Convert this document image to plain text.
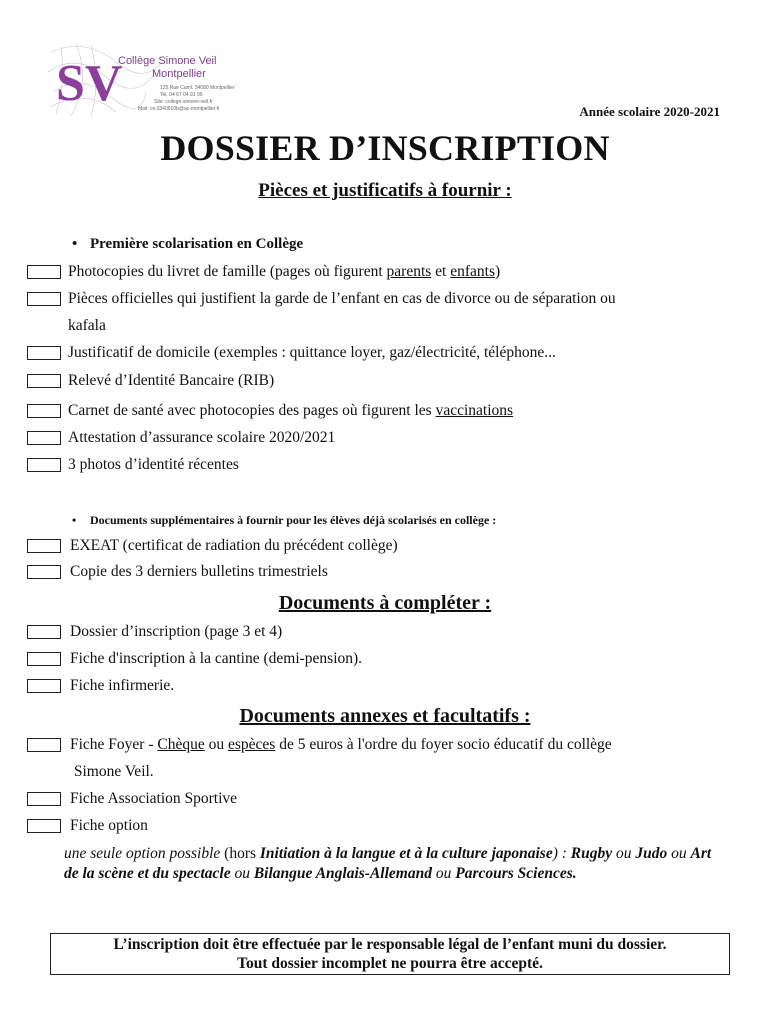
SV
Collège Simone Veil
Montpellier
125 Rue Caml, 34080 Montpellier
Tel. 04 67 04 91 99
Site: college-simone-veil.fr
Mail: ce.0340910b@ac-montpellier.fr	Année scolaire 2020-2021
DOSSIER D’INSCRIPTION
Pièces et justificatifs à fournir :
• Première scolarisation en Collège
Photocopies du livret de famille (pages où figurent parents et enfants)
Pièces officielles qui justifient la garde de l’enfant en cas de divorce ou de séparation ou
kafala
Justificatif de domicile (exemples : quittance loyer, gaz/électricité, téléphone...
Relevé d’Identité Bancaire (RIB)
Carnet de santé avec photocopies des pages où figurent les vaccinations
Attestation d’assurance scolaire 2020/2021
3 photos d’identité récentes
• Documents supplémentaires à fournir pour les élèves déjà scolarisés en collège :
EXEAT (certificat de radiation du précédent collège)
Copie des 3 derniers bulletins trimestriels
Documents à compléter :
Dossier d’inscription (page 3 et 4)
Fiche d'inscription à la cantine (demi-pension).
Fiche infirmerie.
Documents annexes et facultatifs :
Fiche Foyer - Chèque ou espèces de 5 euros à l'ordre du foyer socio éducatif du collège
Simone Veil.
Fiche Association Sportive
Fiche option
une seule option possible (hors Initiation à la langue et à la culture japonaise) : Rugby ou Judo ou Art de la scène et du spectacle ou Bilangue Anglais-Allemand ou Parcours Sciences.
L’inscription doit être effectuée par le responsable légal de l’enfant muni du dossier.
Tout dossier incomplet ne pourra être accepté.
